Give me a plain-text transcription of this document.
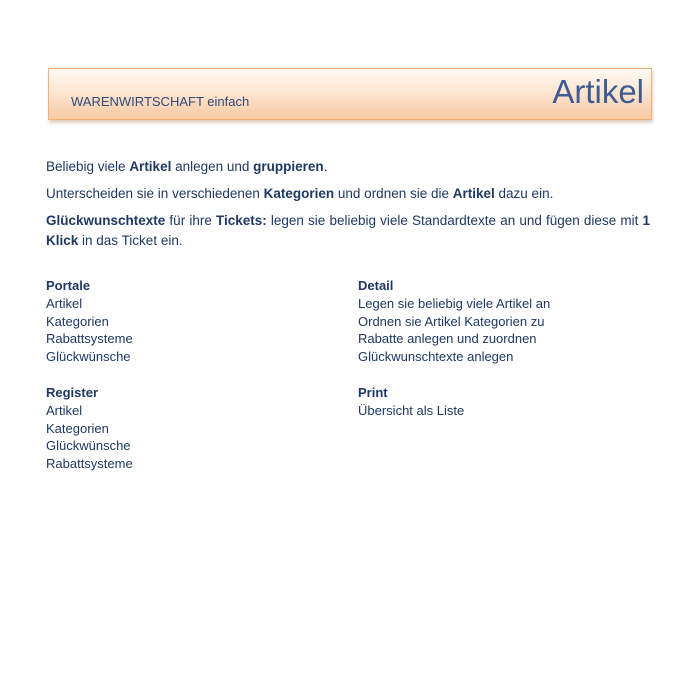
WARENWIRTSCHAFT einfach	Artikel

Beliebig viele Artikel anlegen und gruppieren.

Unterscheiden sie in verschiedenen Kategorien und ordnen sie die Artikel dazu ein.

Glückwunschtexte für ihre Tickets: legen sie beliebig viele Standardtexte an und fügen diese mit 1 Klick in das Ticket ein.

Portale
Artikel
Kategorien
Rabattsysteme
Glückwünsche
Detail
Legen sie beliebig viele Artikel an
Ordnen sie Artikel Kategorien zu
Rabatte anlegen und zuordnen
Glückwunschtexte anlegen
Register
Artikel
Kategorien
Glückwünsche
Rabattsysteme
Print
Übersicht als Liste
